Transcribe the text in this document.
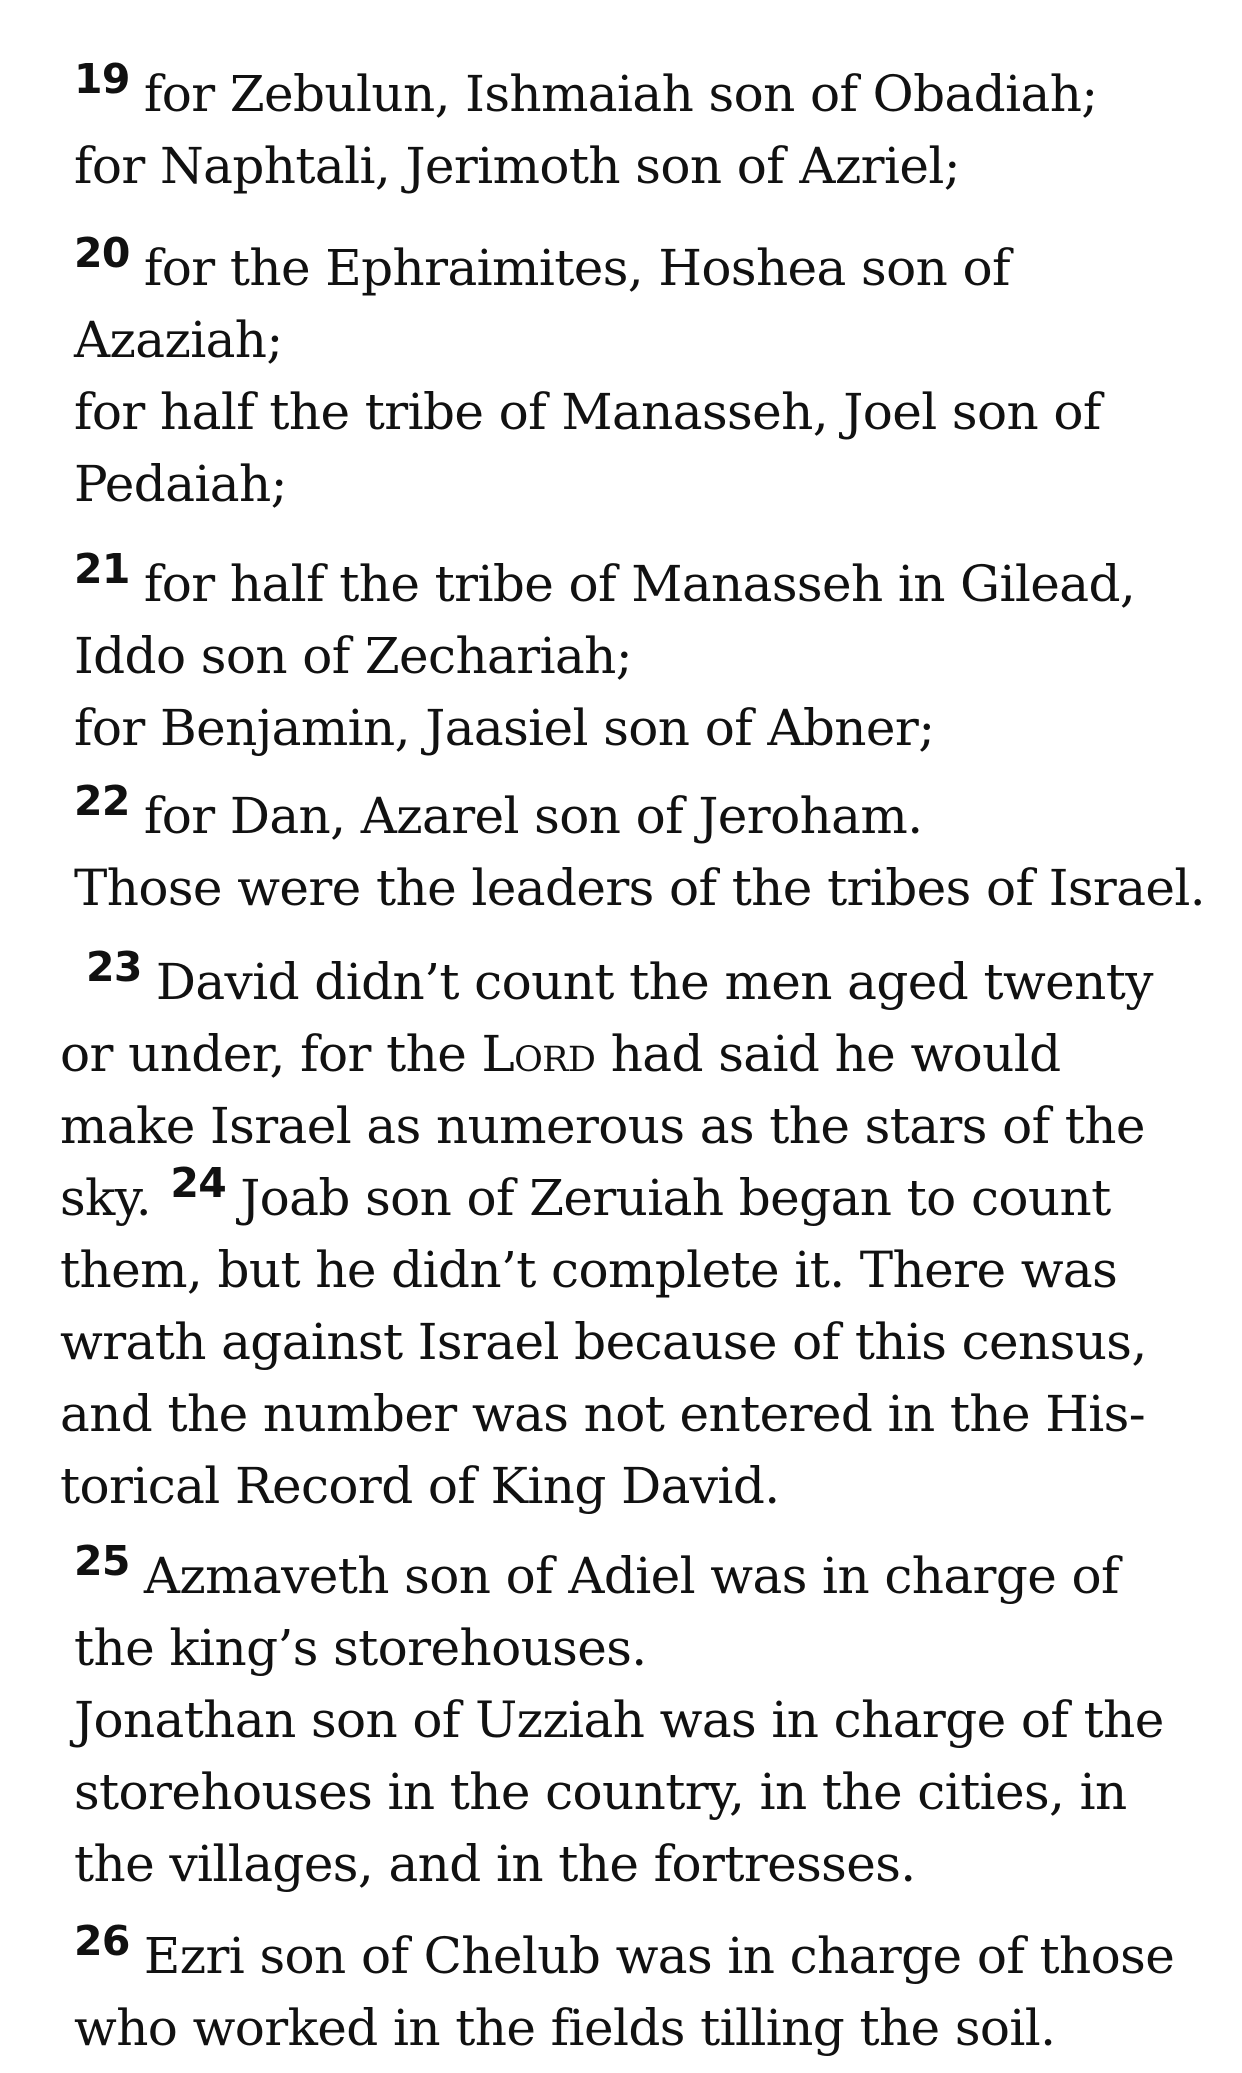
$^{19}$ for Zebulun, Ishmaiah son of Obadiah;
for Naphtali, Jerimoth son of Azriel;
$^{20}$ for the Ephraimites, Hoshea son of
Azaziah;
for half the tribe of Manasseh, Joel son of
Pedaiah;
$^{21}$ for half the tribe of Manasseh in Gilead,
Iddo son of Zechariah;
for Benjamin, Jaasiel son of Abner;
$^{22}$ for Dan, Azarel son of Jeroham.
Those were the leaders of the tribes of Israel.
$^{23}$ David didn’t count the men aged twenty
or under, for the Lord had said he would
make Israel as numerous as the stars of the
sky. $^{24}$ Joab son of Zeruiah began to count
them, but he didn’t complete it. There was
wrath against Israel because of this census,
and the number was not entered in the His-
torical Record of King David.
$^{25}$ Azmaveth son of Adiel was in charge of
the king’s storehouses.
Jonathan son of Uzziah was in charge of the
storehouses in the country, in the cities, in
the villages, and in the fortresses.
$^{26}$ Ezri son of Chelub was in charge of those
who worked in the fields tilling the soil.
